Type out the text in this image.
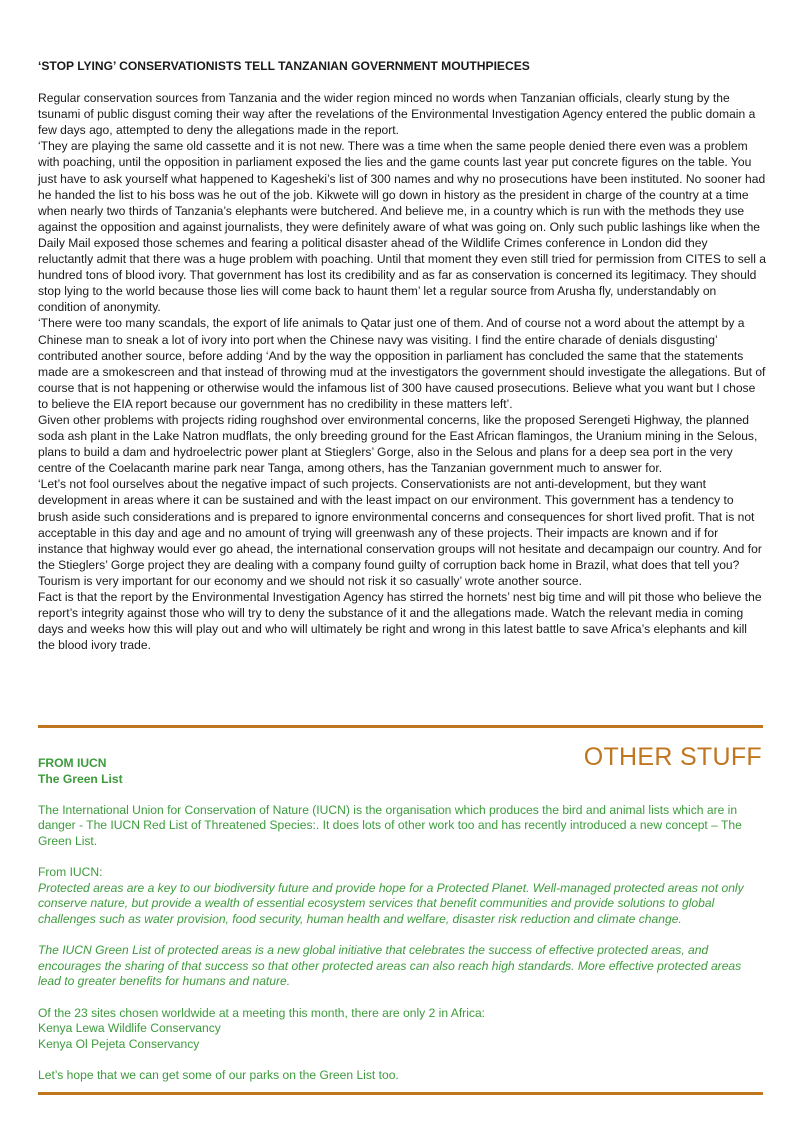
‘STOP LYING’ CONSERVATIONISTS TELL TANZANIAN GOVERNMENT MOUTHPIECES

Regular conservation sources from Tanzania and the wider region minced no words when Tanzanian officials, clearly stung by the tsunami of public disgust coming their way after the revelations of the Environmental Investigation Agency entered the public domain a few days ago, attempted to deny the allegations made in the report.

‘They are playing the same old cassette and it is not new. There was a time when the same people denied there even was a problem with poaching, until the opposition in parliament exposed the lies and the game counts last year put concrete figures on the table. You just have to ask yourself what happened to Kagesheki’s list of 300 names and why no prosecutions have been instituted. No sooner had he handed the list to his boss was he out of the job. Kikwete will go down in history as the president in charge of the country at a time when nearly two thirds of Tanzania’s elephants were butchered. And believe me, in a country which is run with the methods they use against the opposition and against journalists, they were definitely aware of what was going on. Only such public lashings like when the Daily Mail exposed those schemes and fearing a political disaster ahead of the Wildlife Crimes conference in London did they reluctantly admit that there was a huge problem with poaching. Until that moment they even still tried for permission from CITES to sell a hundred tons of blood ivory. That government has lost its credibility and as far as conservation is concerned its legitimacy. They should stop lying to the world because those lies will come back to haunt them’ let a regular source from Arusha fly, understandably on condition of anonymity.

‘There were too many scandals, the export of life animals to Qatar just one of them. And of course not a word about the attempt by a Chinese man to sneak a lot of ivory into port when the Chinese navy was visiting. I find the entire charade of denials disgusting’ contributed another source, before adding ‘And by the way the opposition in parliament has concluded the same that the statements made are a smokescreen and that instead of throwing mud at the investigators the government should investigate the allegations. But of course that is not happening or otherwise would the infamous list of 300 have caused prosecutions. Believe what you want but I chose to believe the EIA report because our government has no credibility in these matters left’.

Given other problems with projects riding roughshod over environmental concerns, like the proposed Serengeti Highway, the planned soda ash plant in the Lake Natron mudflats, the only breeding ground for the East African flamingos, the Uranium mining in the Selous, plans to build a dam and hydroelectric power plant at Stieglers’ Gorge, also in the Selous and plans for a deep sea port in the very centre of the Coelacanth marine park near Tanga, among others, has the Tanzanian government much to answer for.

‘Let’s not fool ourselves about the negative impact of such projects. Conservationists are not anti-development, but they want development in areas where it can be sustained and with the least impact on our environment. This government has a tendency to brush aside such considerations and is prepared to ignore environmental concerns and consequences for short lived profit. That is not acceptable in this day and age and no amount of trying will greenwash any of these projects. Their impacts are known and if for instance that highway would ever go ahead, the international conservation groups will not hesitate and decampaign our country. And for the Stieglers’ Gorge project they are dealing with a company found guilty of corruption back home in Brazil, what does that tell you? Tourism is very important for our economy and we should not risk it so casually’ wrote another source.

Fact is that the report by the Environmental Investigation Agency has stirred the hornets’ nest big time and will pit those who believe the report’s integrity against those who will try to deny the substance of it and the allegations made. Watch the relevant media in coming days and weeks how this will play out and who will ultimately be right and wrong in this latest battle to save Africa’s elephants and kill the blood ivory trade.

OTHER STUFF
FROM IUCN
The Green List

The International Union for Conservation of Nature (IUCN) is the organisation which produces the bird and animal lists which are in danger - The IUCN Red List of Threatened Species:. It does lots of other work too and has recently introduced a new concept – The Green List.

From IUCN:

Protected areas are a key to our biodiversity future and provide hope for a Protected Planet. Well-managed protected areas not only conserve nature, but provide a wealth of essential ecosystem services that benefit communities and provide solutions to global challenges such as water provision, food security, human health and welfare, disaster risk reduction and climate change.

The IUCN Green List of protected areas is a new global initiative that celebrates the success of effective protected areas, and encourages the sharing of that success so that other protected areas can also reach high standards. More effective protected areas lead to greater benefits for humans and nature.

Of the 23 sites chosen worldwide at a meeting this month, there are only 2 in Africa:

Kenya Lewa Wildlife Conservancy

Kenya Ol Pejeta Conservancy

Let’s hope that we can get some of our parks on the Green List too.
